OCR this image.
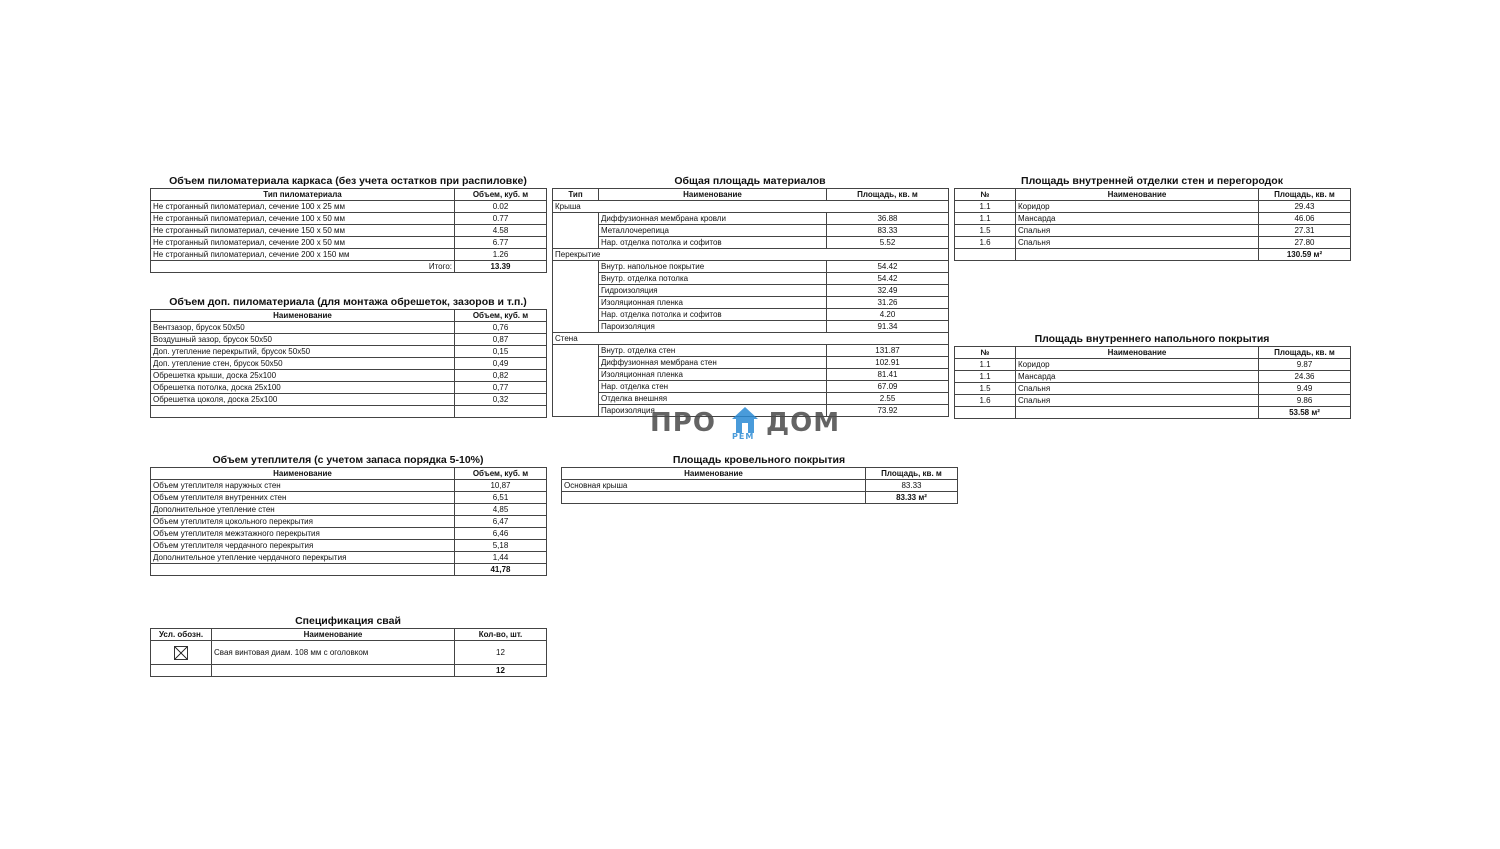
Объем пиломатериала каркаса (без учета остатков при распиловке)
Тип пиломатериала	Объем, куб. м
Не строганный пиломатериал, сечение 100 х 25 мм	0.02
Не строганный пиломатериал, сечение 100 х 50 мм	0.77
Не строганный пиломатериал, сечение 150 х 50 мм	4.58
Не строганный пиломатериал, сечение 200 х 50 мм	6.77
Не строганный пиломатериал, сечение 200 х 150 мм	1.26
Итого:	13.39
Объем доп. пиломатериала (для монтажа обрешеток, зазоров и т.п.)
Наименование	Объем, куб. м
Вентзазор, брусок 50х50	0,76
Воздушный зазор, брусок 50х50	0,87
Доп. утепление перекрытий, брусок 50х50	0,15
Доп. утепление стен, брусок 50х50	0,49
Обрешетка крыши, доска 25х100	0,82
Обрешетка потолка, доска 25х100	0,77
Обрешетка цоколя, доска 25х100	0,32

Объем утеплителя (с учетом запаса порядка 5-10%)
Наименование	Объем, куб. м
Объем утеплителя наружных стен	10,87
Объем утеплителя внутренних стен	6,51
Дополнительное утепление стен	4,85
Объем утеплителя цокольного перекрытия	6,47
Объем утеплителя межэтажного перекрытия	6,46
Объем утеплителя чердачного перекрытия	5,18
Дополнительное утепление чердачного перекрытия	1,44
	41,78
Спецификация свай
Усл. обозн.	Наименование	Кол-во, шт.
	Свая винтовая диам. 108 мм с оголовком	12
		12
Общая площадь материалов
Тип	Наименование	Площадь, кв. м
Крыша		
	Диффузионная мембрана кровли	36.88
	Металлочерепица	83.33
	Нар. отделка потолка и софитов	5.52
Перекрытие		
	Внутр. напольное покрытие	54.42
	Внутр. отделка потолка	54.42
	Гидроизоляция	32.49
	Изоляционная пленка	31.26
	Нар. отделка потолка и софитов	4.20
	Пароизоляция	91.34
Стена		
	Внутр. отделка стен	131.87
	Диффузионная мембрана стен	102.91
	Изоляционная пленка	81.41
	Нар. отделка стен	67.09
	Отделка внешняя	2.55
	Пароизоляция	73.92
Площадь кровельного покрытия
Наименование	Площадь, кв. м
Основная крыша	83.33
	83.33 м²
Площадь внутренней отделки стен и перегородок
№	Наименование	Площадь, кв. м
1.1	Коридор	29.43
1.1	Мансарда	46.06
1.5	Спальня	27.31
1.6	Спальня	27.80
		130.59 м²
Площадь внутреннего напольного покрытия
№	Наименование	Площадь, кв. м
1.1	Коридор	9.87
1.1	Мансарда	24.36
1.5	Спальня	9.49
1.6	Спальня	9.86
		53.58 м²
ПРО РЕМ ДОМ
